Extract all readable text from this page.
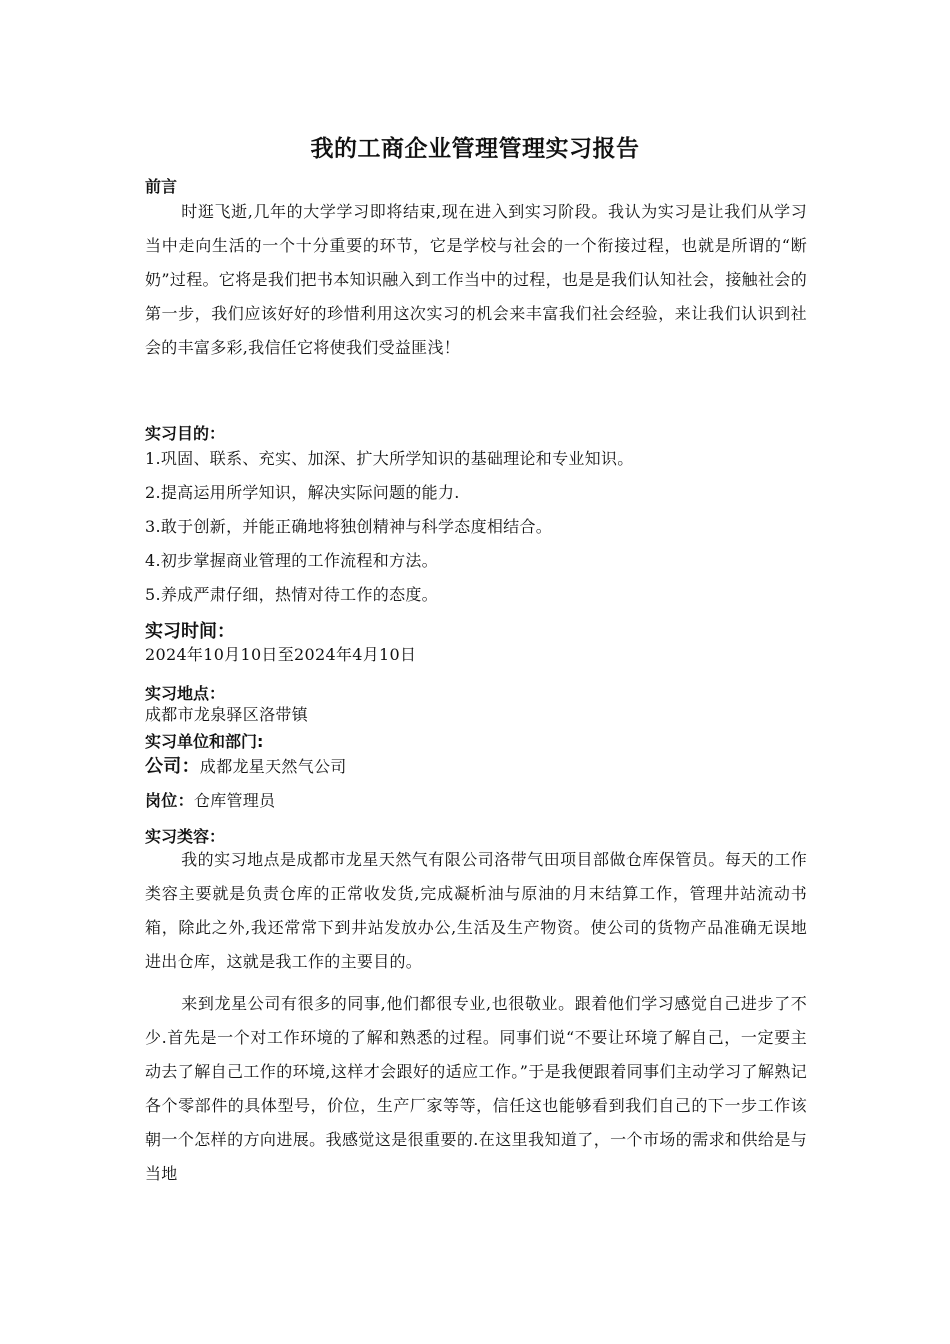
我的工商企业管理管理实习报告
前言
时逛飞逝,几年的大学学习即将结束,现在进入到实习阶段。我认为实习是让我们从学习当中走向生活的一个十分重要的环节，它是学校与社会的一个衔接过程，也就是所谓的“断奶”过程。它将是我们把书本知识融入到工作当中的过程，也是是我们认知社会，接触社会的第一步，我们应该好好的珍惜利用这次实习的机会来丰富我们社会经验，来让我们认识到社会的丰富多彩,我信任它将使我们受益匪浅！
实习目的：
1.巩固、联系、充实、加深、扩大所学知识的基础理论和专业知识。
2.提高运用所学知识，解决实际问题的能力.
3.敢于创新，并能正确地将独创精神与科学态度相结合。
4.初步掌握商业管理的工作流程和方法。
5.养成严肃仔细，热情对待工作的态度。
实习时间：
2024年10月10日至2024年4月10日
实习地点：
成都市龙泉驿区洛带镇
实习单位和部门:
公司：成都龙星天然气公司
岗位：仓库管理员
实习类容：
我的实习地点是成都市龙星天然气有限公司洛带气田项目部做仓库保管员。每天的工作类容主要就是负责仓库的正常收发货,完成凝析油与原油的月末结算工作，管理井站流动书箱，除此之外,我还常常下到井站发放办公,生活及生产物资。使公司的货物产品准确无误地进出仓库，这就是我工作的主要目的。
来到龙星公司有很多的同事,他们都很专业,也很敬业。跟着他们学习感觉自己进步了不少.首先是一个对工作环境的了解和熟悉的过程。同事们说“不要让环境了解自己，一定要主动去了解自己工作的环境,这样才会跟好的适应工作。”于是我便跟着同事们主动学习了解熟记各个零部件的具体型号，价位，生产厂家等等，信任这也能够看到我们自己的下一步工作该朝一个怎样的方向进展。我感觉这是很重要的.在这里我知道了，一个市场的需求和供给是与当地
